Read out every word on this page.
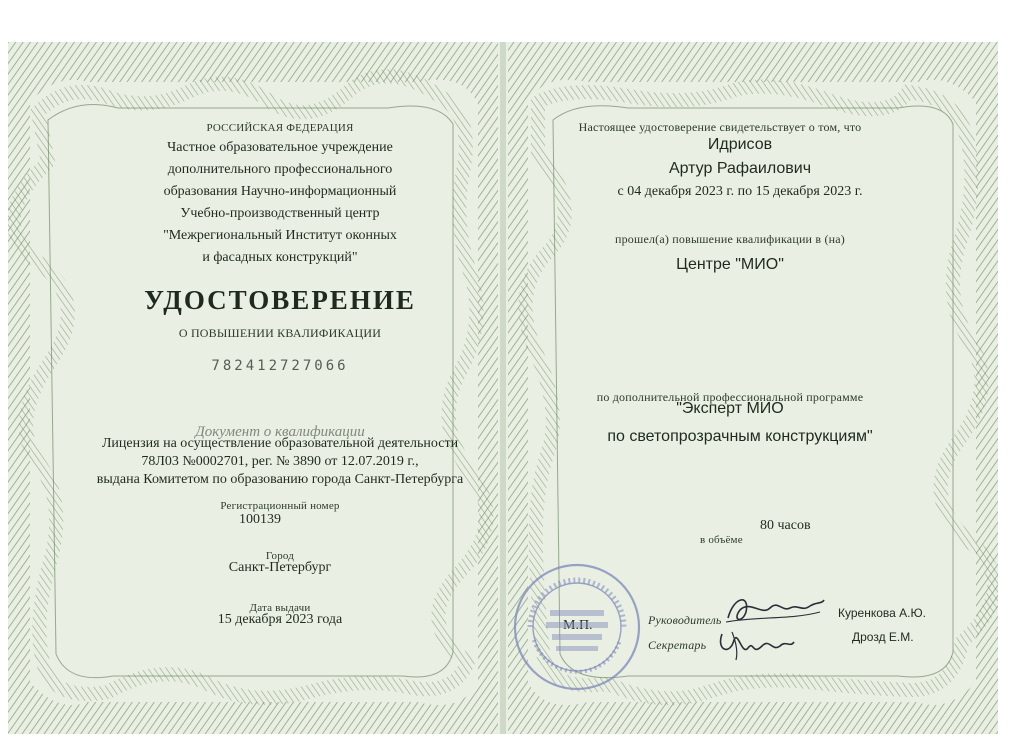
РОССИЙСКАЯ ФЕДЕРАЦИЯ
Частное образовательное учреждение
дополнительного профессионального
образования Научно-информационный
Учебно-производственный центр
"Межрегиональный Институт оконных
и фасадных конструкций"
УДОСТОВЕРЕНИЕ
О ПОВЫШЕНИИ КВАЛИФИКАЦИИ
782412727066
Документ о квалификации
Лицензия на осуществление образовательной деятельности
78Л03 №0002701, рег. № 3890 от 12.07.2019 г.,
выдана Комитетом по образованию города Санкт-Петербурга
Регистрационный номер
100139
Город
Санкт-Петербург
Дата выдачи
15 декабря 2023 года
Настоящее удостоверение свидетельствует о том, что
Идрисов
Артур Рафаилович
с 04 декабря 2023 г. по 15 декабря 2023 г.
прошел(а) повышение квалификации в (на)
Центре "МИО"
по дополнительной профессиональной программе
"Эксперт МИО
по светопрозрачным конструкциям"
в объёме
80 часов
М.П.	Руководитель	Куренкова А.Ю.
Секретарь
Дрозд Е.М.
